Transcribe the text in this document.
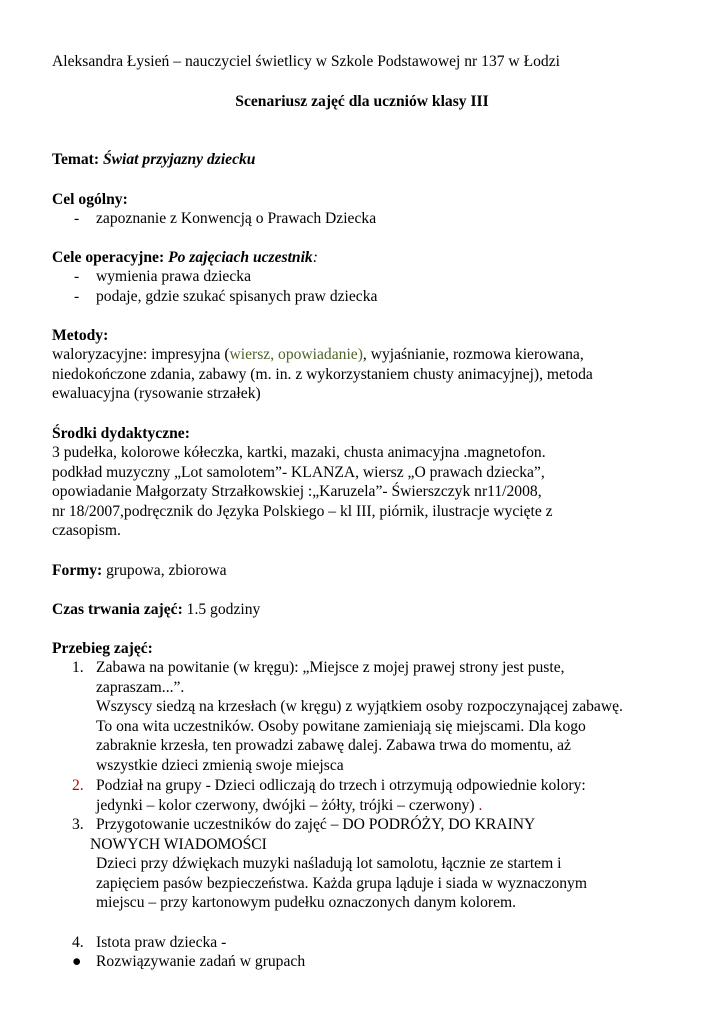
Aleksandra Łysień – nauczyciel świetlicy w Szkole Podstawowej nr 137 w Łodzi
Scenariusz zajęć dla uczniów klasy III
Temat: Świat przyjazny dziecku
Cel ogólny:
- zapoznanie z Konwencją o Prawach Dziecka
Cele operacyjne: Po zajęciach uczestnik:
- wymienia prawa dziecka
- podaje, gdzie szukać spisanych praw dziecka
Metody:
waloryzacyjne: impresyjna (wiersz, opowiadanie), wyjaśnianie, rozmowa kierowana,
niedokończone zdania, zabawy (m. in. z wykorzystaniem chusty animacyjnej), metoda
ewaluacyjna (rysowanie strzałek)
Środki dydaktyczne:
3 pudełka, kolorowe kółeczka, kartki, mazaki, chusta animacyjna .magnetofon.
podkład muzyczny „Lot samolotem”- KLANZA, wiersz „O prawach dziecka”,
opowiadanie Małgorzaty Strzałkowskiej :„Karuzela”- Świerszczyk nr11/2008,
nr 18/2007,podręcznik do Języka Polskiego – kl III, piórnik, ilustracje wycięte z
czasopism.
Formy: grupowa, zbiorowa
Czas trwania zajęć: 1.5 godziny
Przebieg zajęć:
1. Zabawa na powitanie (w kręgu): „Miejsce z mojej prawej strony jest puste,
zapraszam...”.
Wszyscy siedzą na krzesłach (w kręgu) z wyjątkiem osoby rozpoczynającej zabawę.
To ona wita uczestników. Osoby powitane zamieniają się miejscami. Dla kogo
zabraknie krzesła, ten prowadzi zabawę dalej. Zabawa trwa do momentu, aż
wszystkie dzieci zmienią swoje miejsca
2. Podział na grupy - Dzieci odliczają do trzech i otrzymują odpowiednie kolory:
jedynki – kolor czerwony, dwójki – żółty, trójki – czerwony) .
3. Przygotowanie uczestników do zajęć – DO PODRÓŻY, DO KRAINY
NOWYCH WIADOMOŚCI
Dzieci przy dźwiękach muzyki naśladują lot samolotu, łącznie ze startem i
zapięciem pasów bezpieczeństwa. Każda grupa ląduje i siada w wyznaczonym
miejscu – przy kartonowym pudełku oznaczonych danym kolorem.
4. Istota praw dziecka -
● Rozwiązywanie zadań w grupach
